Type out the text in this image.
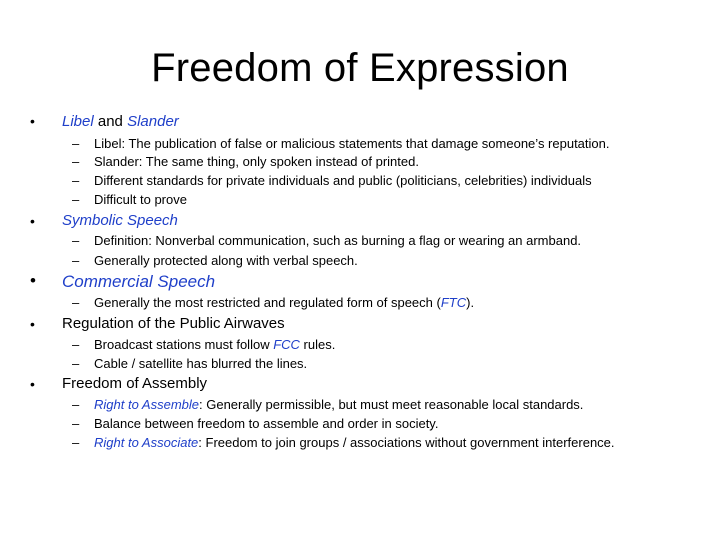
Freedom of Expression
• Libel and Slander
– Libel: The publication of false or malicious statements that damage someone’s reputation.
– Slander: The same thing, only spoken instead of printed.
– Different standards for private individuals and public (politicians, celebrities) individuals
– Difficult to prove
• Symbolic Speech
– Definition: Nonverbal communication, such as burning a flag or wearing an armband.
– Generally protected along with verbal speech.
• Commercial Speech
– Generally the most restricted and regulated form of speech (FTC).
• Regulation of the Public Airwaves
– Broadcast stations must follow FCC rules.
– Cable / satellite has blurred the lines.
• Freedom of Assembly
– Right to Assemble: Generally permissible, but must meet reasonable local standards.
– Balance between freedom to assemble and order in society.
– Right to Associate: Freedom to join groups / associations without government interference.
